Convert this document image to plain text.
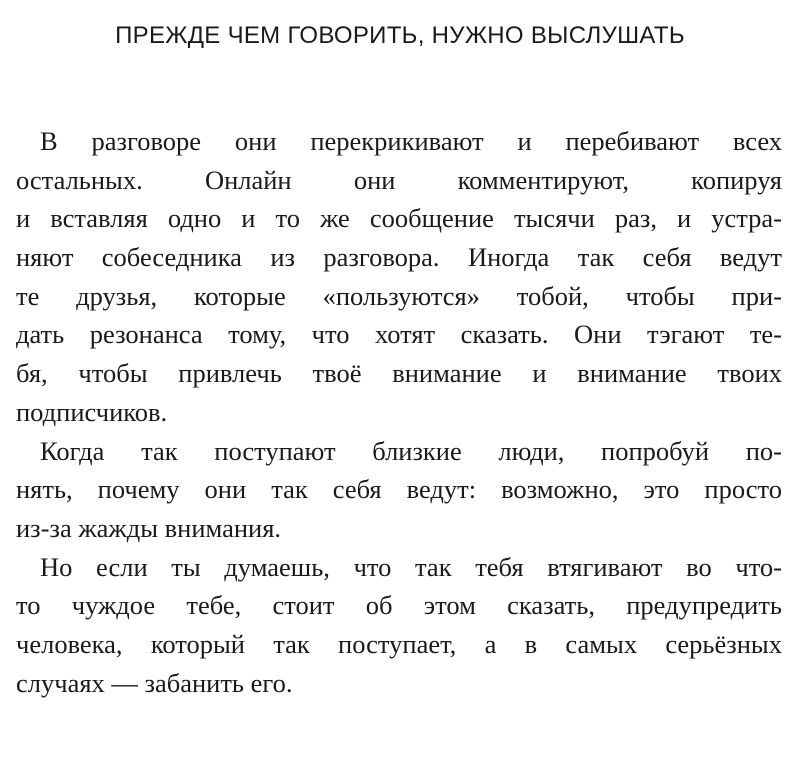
ПРЕЖДЕ ЧЕМ ГОВОРИТЬ, НУЖНО ВЫСЛУШАТЬ
В разговоре они перекрикивают и перебивают всех
остальных. Онлайн они комментируют, копируя
и вставляя одно и то же сообщение тысячи раз, и устра-
няют собеседника из разговора. Иногда так себя ведут
те друзья, которые «пользуются» тобой, чтобы при-
дать резонанса тому, что хотят сказать. Они тэгают те-
бя, чтобы привлечь твоё внимание и внимание твоих
подписчиков.
Когда так поступают близкие люди, попробуй по-
нять, почему они так себя ведут: возможно, это просто
из-за жажды внимания.
Но если ты думаешь, что так тебя втягивают во что-
то чуждое тебе, стоит об этом сказать, предупредить
человека, который так поступает, а в самых серьёзных
случаях — забанить его.
